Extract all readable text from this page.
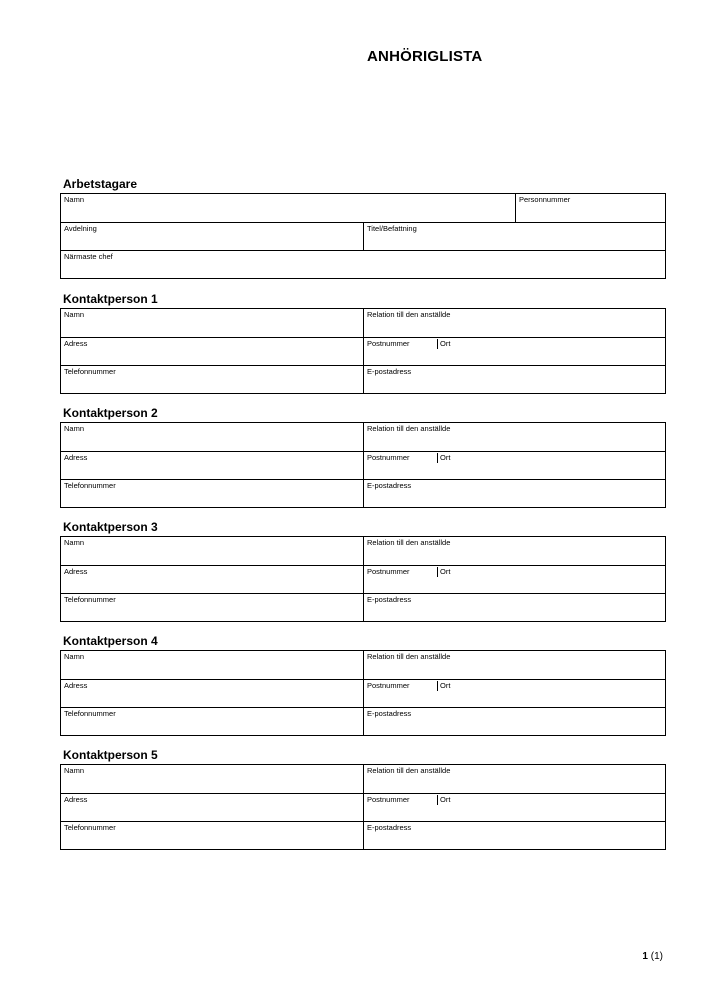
ANHÖRIGLISTA
Arbetstagare
Namn	Personnummer
Avdelning	Titel/Befattning
Närmaste chef
Kontaktperson 1
Namn	Relation till den anställde
Adress	Postnummer	Ort
Telefonnummer	E-postadress
Kontaktperson 2
Namn	Relation till den anställde
Adress	Postnummer	Ort
Telefonnummer	E-postadress
Kontaktperson 3
Namn	Relation till den anställde
Adress	Postnummer	Ort
Telefonnummer	E-postadress
Kontaktperson 4
Namn	Relation till den anställde
Adress	Postnummer	Ort
Telefonnummer	E-postadress
Kontaktperson 5
Namn	Relation till den anställde
Adress	Postnummer	Ort
Telefonnummer	E-postadress
1 (1)
